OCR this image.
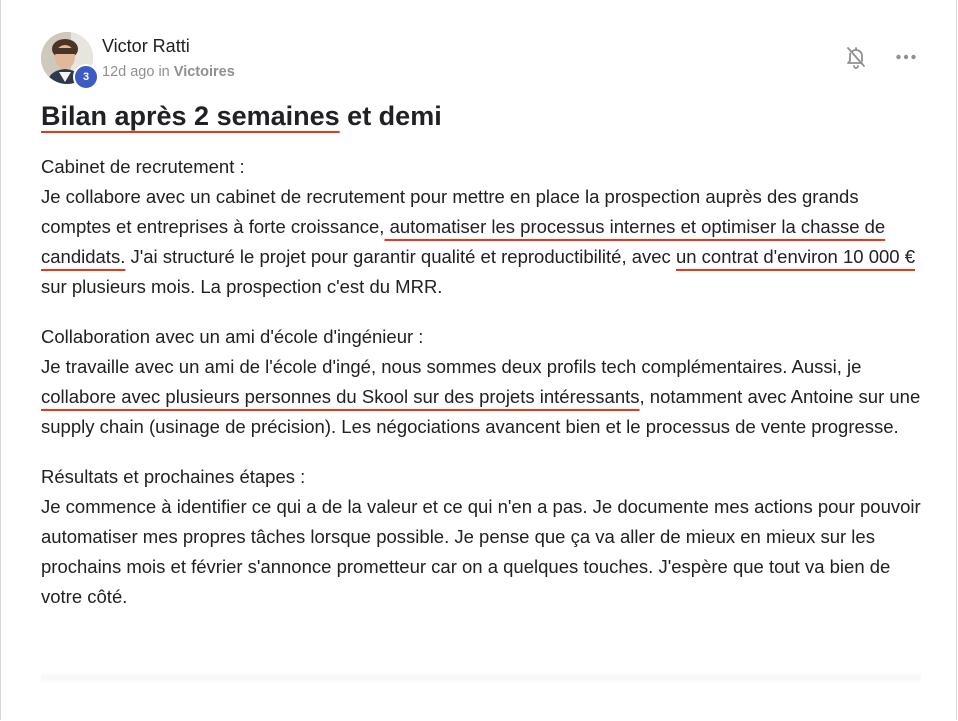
3
Victor Ratti
12d ago in Victoires
Bilan après 2 semaines et demi

Cabinet de recrutement :
Je collabore avec un cabinet de recrutement pour mettre en place la prospection auprès des grands comptes et entreprises à forte croissance, automatiser les processus internes et optimiser la chasse de candidats. J'ai structuré le projet pour garantir qualité et reproductibilité, avec un contrat d'environ 10 000 € sur plusieurs mois. La prospection c'est du MRR.

Collaboration avec un ami d'école d'ingénieur :
Je travaille avec un ami de l'école d'ingé, nous sommes deux profils tech complémentaires. Aussi, je collabore avec plusieurs personnes du Skool sur des projets intéressants, notamment avec Antoine sur une supply chain (usinage de précision). Les négociations avancent bien et le processus de vente progresse.

Résultats et prochaines étapes :
Je commence à identifier ce qui a de la valeur et ce qui n'en a pas. Je documente mes actions pour pouvoir automatiser mes propres tâches lorsque possible. Je pense que ça va aller de mieux en mieux sur les prochains mois et février s'annonce prometteur car on a quelques touches. J'espère que tout va bien de votre côté.
